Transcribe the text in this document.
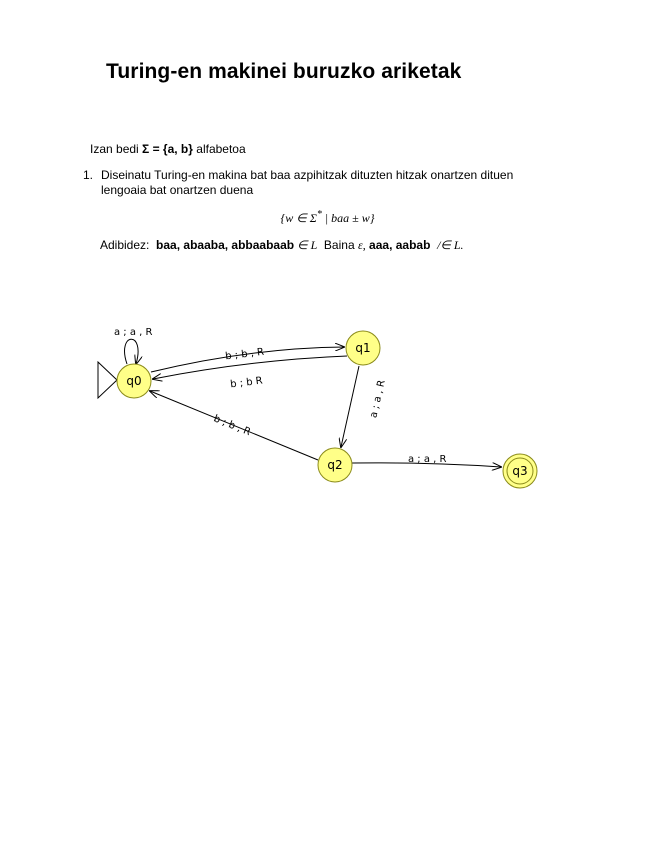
Turing-en makinei buruzko ariketak
Izan bedi Σ = {a, b} alfabetoa
1. Diseinatu Turing-en makina bat baa azpihitzak dituzten hitzak onartzen dituen lengoaia bat onartzen duena
{w ∈ Σ* | baa ± w}
Adibidez: baa, abaaba, abbaabaab ∈ L Baina ε, aaa, aabab /∈ L.
a ; a , R
b ; b , R
b ; b R	a ; a , R
b ; b , R
a ; a , R
q0
q1
q2	q3
